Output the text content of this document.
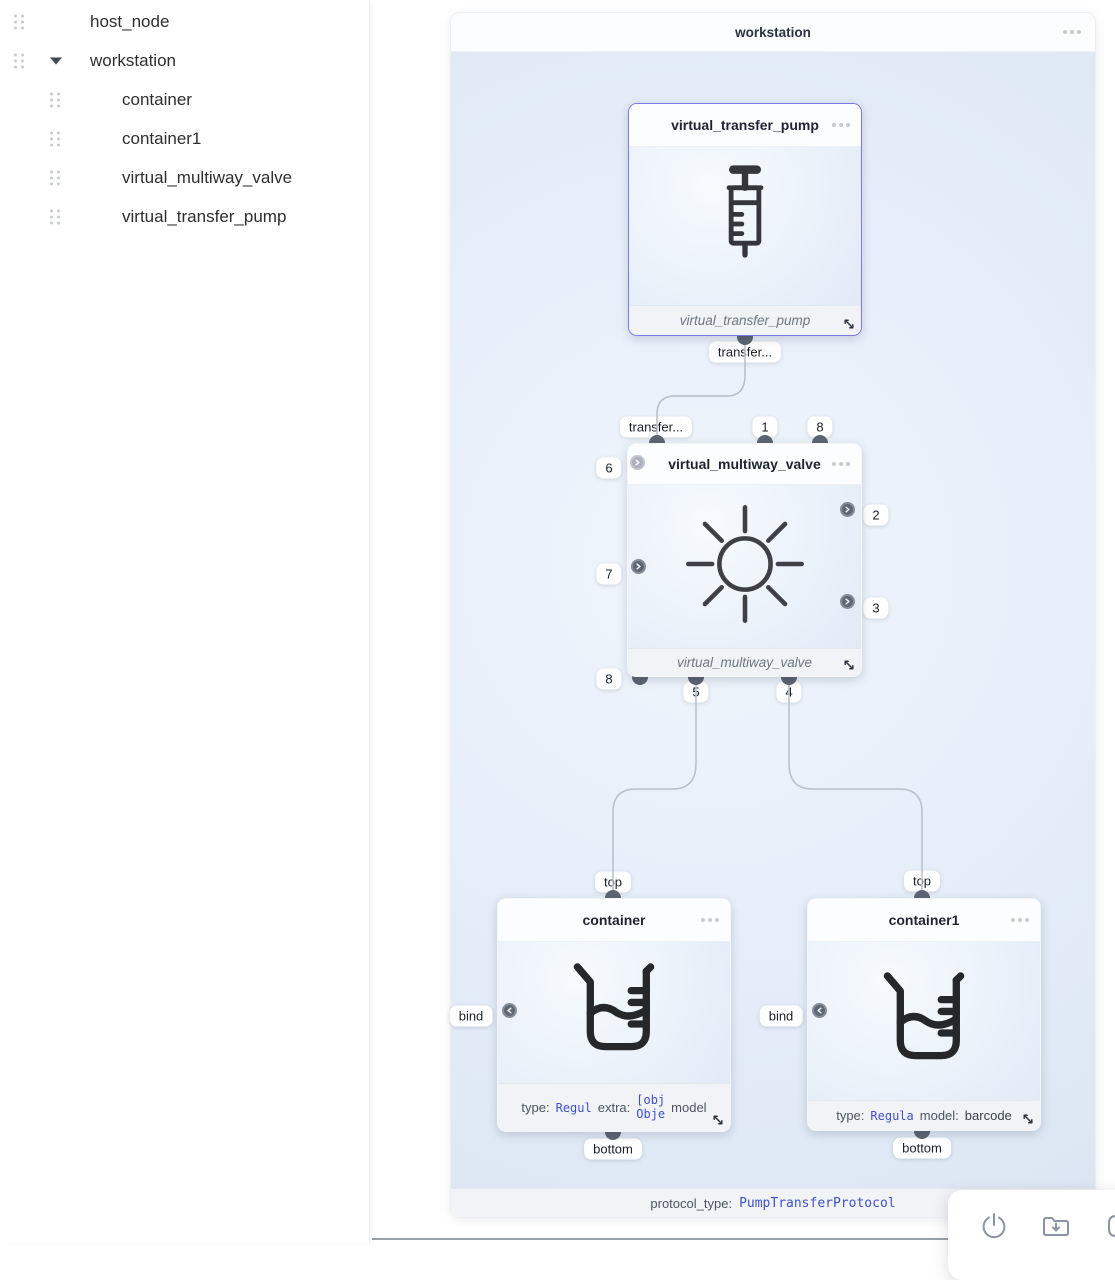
host_node
workstation
container
container1
virtual_multiway_valve
virtual_transfer_pump
workstation
protocol_type: PumpTransferProtocol
transfer...
transfer...	1	8
6
7
8
2
3
5	4
top
bind
bottom
top
bind
bottom
virtual_transfer_pump
virtual_transfer_pump
virtual_multiway_valve
virtual_multiway_valve
container
type: Regul extra:
[obj
Obje model
container1
type: Regula model: barcode
